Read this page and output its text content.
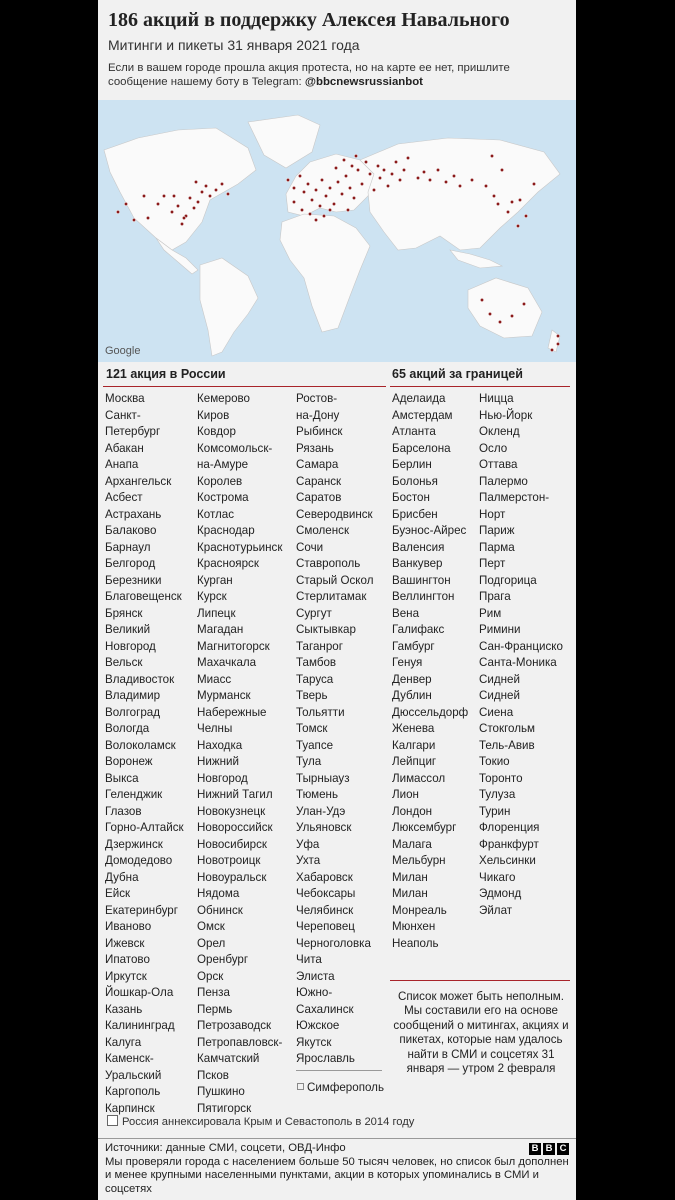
186 акций в поддержку Алексея Навального
Митинги и пикеты 31 января 2021 года
Если в вашем городе прошла акция протеста, но на карте ее нет, пришлите сообщение нашему боту в Telegram: @bbcnewsrussianbot
Google
121 акция в России
Москва
Санкт-
Петербург
Абакан
Анапа
Архангельск
Асбест
Астрахань
Балаково
Барнаул
Белгород
Березники
Благовещенск
Брянск
Великий
Новгород
Вельск
Владивосток
Владимир
Волгоград
Вологда
Волоколамск
Воронеж
Выкса
Геленджик
Глазов
Горно-Алтайск
Дзержинск
Домодедово
Дубна
Ейск
Екатеринбург
Иваново
Ижевск
Ипатово
Иркутск
Йошкар-Ола
Казань
Калининград
Калуга
Каменск-
Уральский
Каргополь
Карпинск
Кемерово
Киров
Ковдор
Комсомольск-
на-Амуре
Королев
Кострома
Котлас
Краснодар
Краснотурьинск
Красноярск
Курган
Курск
Липецк
Магадан
Магнитогорск
Махачкала
Миасс
Мурманск
Набережные
Челны
Находка
Нижний
Новгород
Нижний Тагил
Новокузнецк
Новороссийск
Новосибирск
Новотроицк
Новоуральск
Нядома
Обнинск
Омск
Орел
Оренбург
Орск
Пенза
Пермь
Петрозаводск
Петропавловск-
Камчатский
Псков
Пушкино
Пятигорск
Ростов-
на-Дону
Рыбинск
Рязань
Самара
Саранск
Саратов
Северодвинск
Смоленск
Сочи
Ставрополь
Старый Оскол
Стерлитамак
Сургут
Сыктывкар
Таганрог
Тамбов
Таруса
Тверь
Тольятти
Томск
Туапсе
Тула
Тырныауз
Тюмень
Улан-Удэ
Ульяновск
Уфа
Ухта
Хабаровск
Чебоксары
Челябинск
Череповец
Черноголовка
Чита
Элиста
Южно-
Сахалинск
Южское
Якутск
Ярославль
Симферополь
65 акций за границей
Аделаида
Амстердам
Атланта
Барселона
Берлин
Болонья
Бостон
Брисбен
Буэнос-Айрес
Валенсия
Ванкувер
Вашингтон
Веллингтон
Вена
Галифакс
Гамбург
Генуя
Денвер
Дублин
Дюссельдорф
Женева
Калгари
Лейпциг
Лимассол
Лион
Лондон
Люксембург
Малага
Мельбурн
Милан
Милан
Монреаль
Мюнхен
Неаполь
Ницца
Нью-Йорк
Окленд
Осло
Оттава
Палермо
Палмерстон-
Норт
Париж
Парма
Перт
Подгорица
Прага
Рим
Римини
Сан-Франциско
Санта-Моника
Сидней
Сидней
Сиена
Стокгольм
Тель-Авив
Токио
Торонто
Тулуза
Турин
Флоренция
Франкфурт
Хельсинки
Чикаго
Эдмонд
Эйлат
Список может быть неполным. Мы составили его на основе сообщений о митингах, акциях и пикетах, которые нам удалось найти в СМИ и соцсетях 31 января — утром 2 февраля
Россия аннексировала Крым и Севастополь в 2014 году
Источники: данные СМИ, соцсети, ОВД-Инфо
Мы проверяли города с населением больше 50 тысяч человек, но список был дополнен и менее крупными населенными пунктами, акции в которых упоминались в СМИ и соцсетях
B B C
